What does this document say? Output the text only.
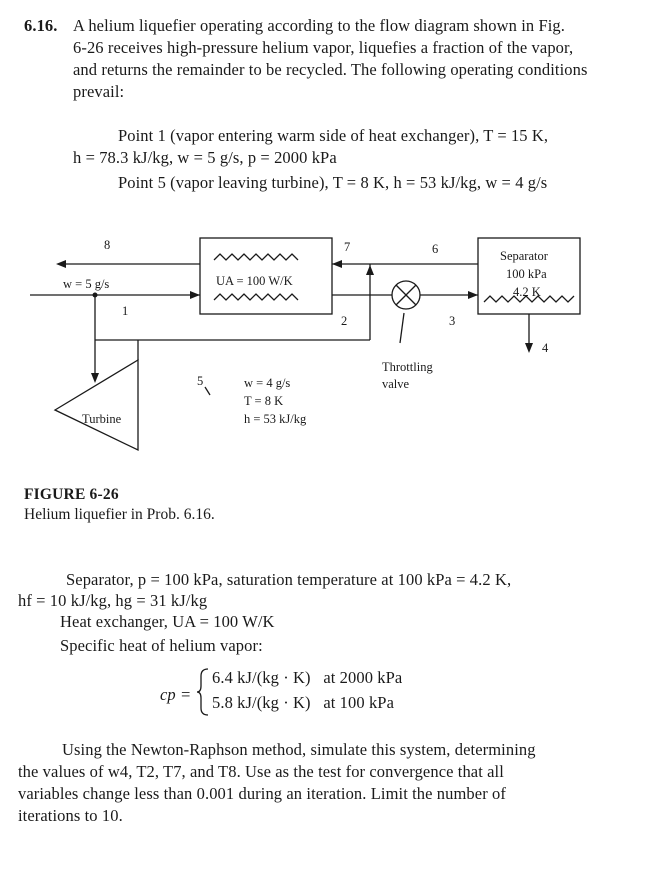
6.16. A helium liquefier operating according to the flow diagram shown in Fig.
6-26 receives high-pressure helium vapor, liquefies a fraction of the vapor,
and returns the remainder to be recycled. The following operating conditions
prevail:
Point 1 (vapor entering warm side of heat exchanger), T = 15 K,
h = 78.3 kJ/kg, w = 5 g/s, p = 2000 kPa
Point 5 (vapor leaving turbine), T = 8 K, h = 53 kJ/kg, w = 4 g/s
8	7	6
1
2	3
4
5
w = 5 g/s	UA = 100 W/K
Separator
100 kPa
4.2 K
Throttling
valve
Turbine
w = 4 g/s
T = 8 K
h = 53 kJ/kg
FIGURE 6-26
Helium liquefier in Prob. 6.16.
Separator, p = 100 kPa, saturation temperature at 100 kPa = 4.2 K,
hf = 10 kJ/kg, hg = 31 kJ/kg
Heat exchanger, UA = 100 W/K
Specific heat of helium vapor:
cp =
6.4 kJ/(kg · K)   at 2000 kPa
5.8 kJ/(kg · K)   at 100 kPa
Using the Newton-Raphson method, simulate this system, determining
the values of w4, T2, T7, and T8. Use as the test for convergence that all
variables change less than 0.001 during an iteration. Limit the number of
iterations to 10.
